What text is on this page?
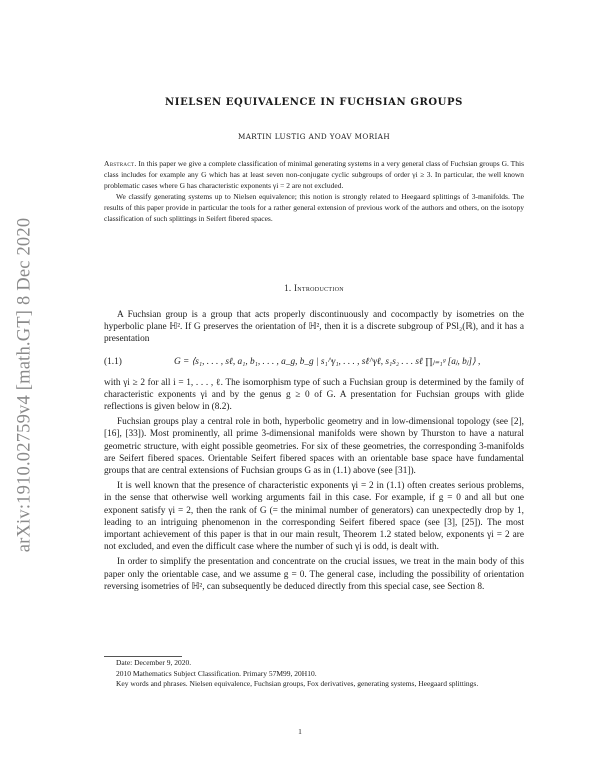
arXiv:1910.02759v4 [math.GT] 8 Dec 2020
NIELSEN EQUIVALENCE IN FUCHSIAN GROUPS
MARTIN LUSTIG AND YOAV MORIAH

Abstract. In this paper we give a complete classification of minimal generating systems in a very general class of Fuchsian groups G. This class includes for example any G which has at least seven non-conjugate cyclic subgroups of order γi ≥ 3. In particular, the well known problematic cases where G has characteristic exponents γi = 2 are not excluded.

We classify generating systems up to Nielsen equivalence; this notion is strongly related to Heegaard splittings of 3-manifolds. The results of this paper provide in particular the tools for a rather general extension of previous work of the authors and others, on the isotopy classification of such splittings in Seifert fibered spaces.

1. Introduction

A Fuchsian group is a group that acts properly discontinuously and cocompactly by isometries on the hyperbolic plane ℍ². If G preserves the orientation of ℍ², then it is a discrete subgroup of PSl₂(ℝ), and it has a presentation

(1.1)	G = ⟨s₁, . . . , sℓ, a₁, b₁, . . . , a_g, b_g | s₁^γ₁, . . . , sℓ^γℓ, s₁s₂ . . . sℓ ∏ⱼ₌₁ᵍ [aⱼ, bⱼ]⟩ ,

with γi ≥ 2 for all i = 1, . . . , ℓ. The isomorphism type of such a Fuchsian group is determined by the family of characteristic exponents γi and by the genus g ≥ 0 of G. A presentation for Fuchsian groups with glide reflections is given below in (8.2).

Fuchsian groups play a central role in both, hyperbolic geometry and in low-dimensional topology (see [2], [16], [33]). Most prominently, all prime 3-dimensional manifolds were shown by Thurston to have a natural geometric structure, with eight possible geometries. For six of these geometries, the corresponding 3-manifolds are Seifert fibered spaces. Orientable Seifert fibered spaces with an orientable base space have fundamental groups that are central extensions of Fuchsian groups G as in (1.1) above (see [31]).

It is well known that the presence of characteristic exponents γi = 2 in (1.1) often creates serious problems, in the sense that otherwise well working arguments fail in this case. For example, if g = 0 and all but one exponent satisfy γi = 2, then the rank of G (= the minimal number of generators) can unexpectedly drop by 1, leading to an intriguing phenomenon in the corresponding Seifert fibered space (see [3], [25]). The most important achievement of this paper is that in our main result, Theorem 1.2 stated below, exponents γi = 2 are not excluded, and even the difficult case where the number of such γi is odd, is dealt with.

In order to simplify the presentation and concentrate on the crucial issues, we treat in the main body of this paper only the orientable case, and we assume g = 0. The general case, including the possibility of orientation reversing isometries of ℍ², can subsequently be deduced directly from this special case, see Section 8.

Date: December 9, 2020.

2010 Mathematics Subject Classification. Primary 57M99, 20H10.

Key words and phrases. Nielsen equivalence, Fuchsian groups, Fox derivatives, generating systems, Heegaard splittings.

1
